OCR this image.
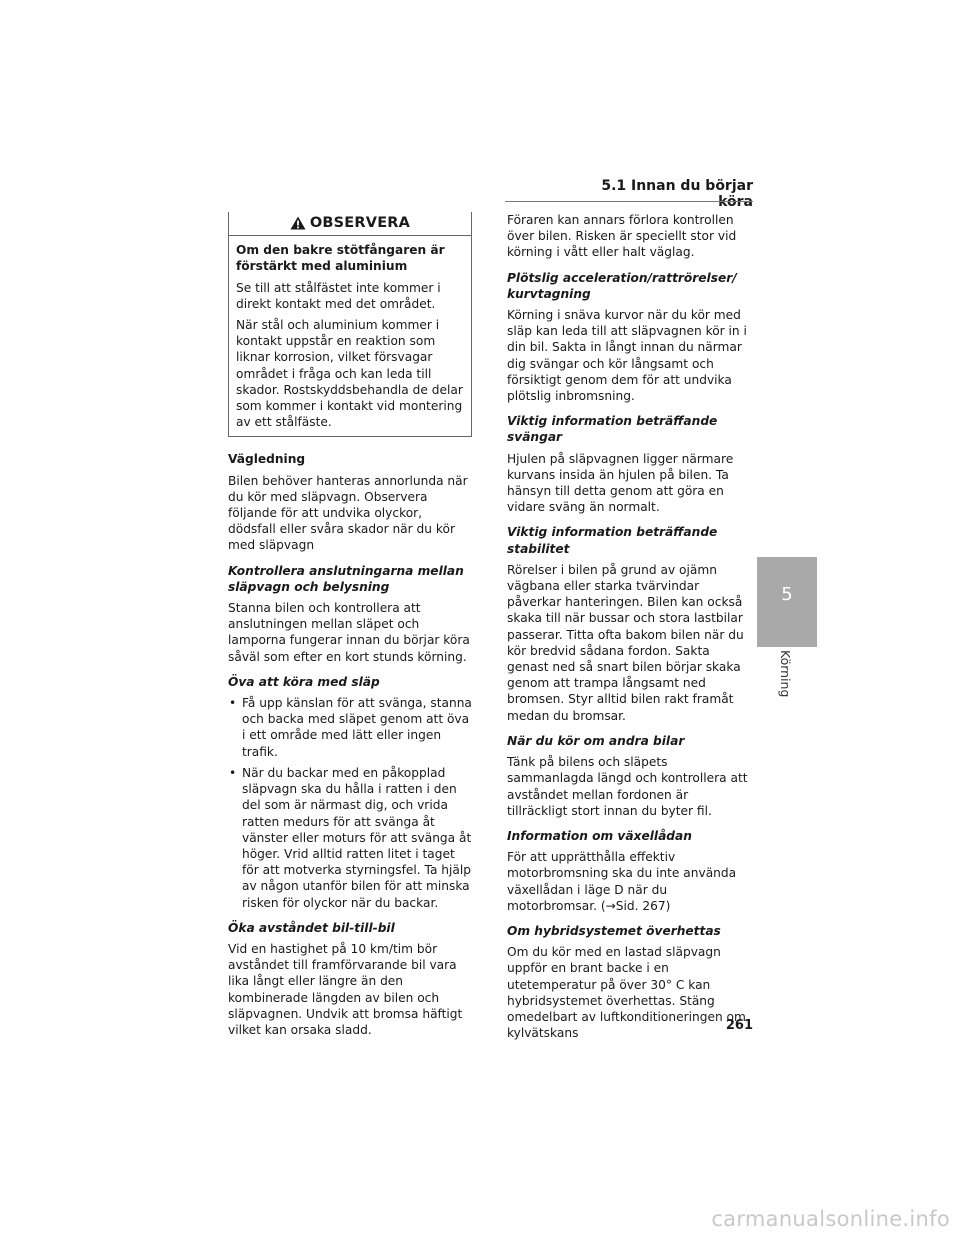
5.1 Innan du börjar köra
5
Körning
OBSERVERA

Om den bakre stötfångaren är förstärkt med aluminium

Se till att stålfästet inte kommer i direkt kontakt med det området.

När stål och aluminium kommer i kontakt uppstår en reaktion som liknar korrosion, vilket försvagar området i fråga och kan leda till skador. Rostskyddsbehandla de delar som kommer i kontakt vid montering av ett stålfäste.

Vägledning

Bilen behöver hanteras annorlunda när du kör med släpvagn. Observera följande för att undvika olyckor, dödsfall eller svåra skador när du kör med släpvagn

Kontrollera anslutningarna mellan släpvagn och belysning

Stanna bilen och kontrollera att anslutningen mellan släpet och lamporna fungerar innan du börjar köra såväl som efter en kort stunds körning.

Öva att köra med släp

• Få upp känslan för att svänga, stanna och backa med släpet genom att öva i ett område med lätt eller ingen trafik.
• När du backar med en påkopplad släpvagn ska du hålla i ratten i den del som är närmast dig, och vrida ratten medurs för att svänga åt vänster eller moturs för att svänga åt höger. Vrid alltid ratten litet i taget för att motverka styrningsfel. Ta hjälp av någon utanför bilen för att minska risken för olyckor när du backar.

Öka avståndet bil-till-bil

Vid en hastighet på 10 km/tim bör avståndet till framförvarande bil vara lika långt eller längre än den kombinerade längden av bilen och släpvagnen. Undvik att bromsa häftigt vilket kan orsaka sladd.

Föraren kan annars förlora kontrollen över bilen. Risken är speciellt stor vid körning i vått eller halt väglag.

Plötslig acceleration/rattrörelser/ kurvtagning

Körning i snäva kurvor när du kör med släp kan leda till att släpvagnen kör in i din bil. Sakta in långt innan du närmar dig svängar och kör långsamt och försiktigt genom dem för att undvika plötslig inbromsning.

Viktig information beträffande svängar

Hjulen på släpvagnen ligger närmare kurvans insida än hjulen på bilen. Ta hänsyn till detta genom att göra en vidare sväng än normalt.

Viktig information beträffande stabilitet

Rörelser i bilen på grund av ojämn vägbana eller starka tvärvindar påverkar hanteringen. Bilen kan också skaka till när bussar och stora lastbilar passerar. Titta ofta bakom bilen när du kör bredvid sådana fordon. Sakta genast ned så snart bilen börjar skaka genom att trampa långsamt ned bromsen. Styr alltid bilen rakt framåt medan du bromsar.

När du kör om andra bilar

Tänk på bilens och släpets sammanlagda längd och kontrollera att avståndet mellan fordonen är tillräckligt stort innan du byter fil.

Information om växellådan

För att upprätthålla effektiv motorbromsning ska du inte använda växellådan i läge D när du motorbromsar. (→Sid. 267)

Om hybridsystemet överhettas

Om du kör med en lastad släpvagn uppför en brant backe i en utetemperatur på över 30° C kan hybridsystemet överhettas. Stäng omedelbart av luftkonditioneringen om kylvätskans

261
carmanualsonline.info
